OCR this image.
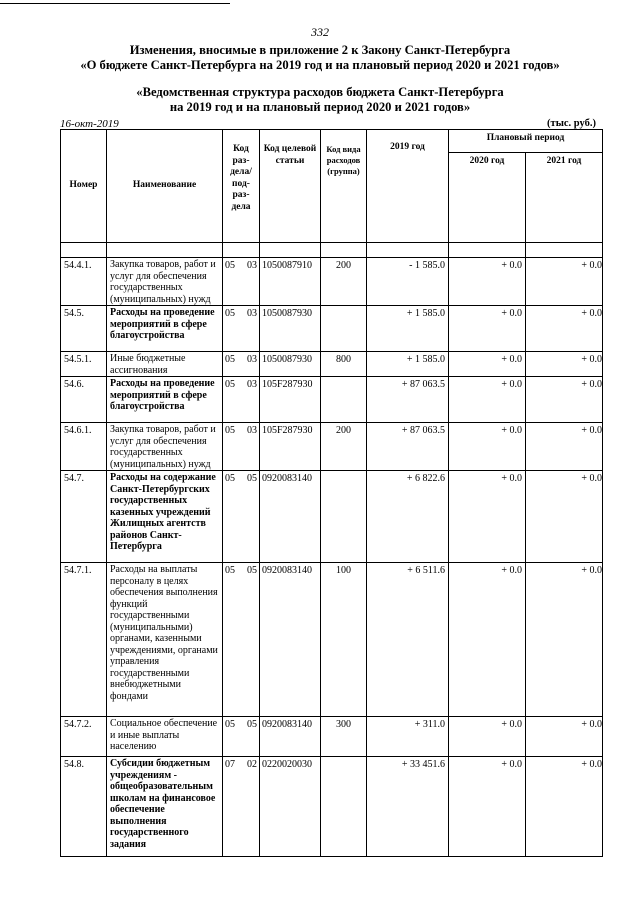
332
Изменения, вносимые в приложение 2 к Закону Санкт-Петербурга
«О бюджете Санкт-Петербурга на 2019 год и на плановый период 2020 и 2021 годов»
«Ведомственная структура расходов бюджета Санкт-Петербурга
на 2019 год и на плановый период 2020 и 2021 годов»
16-окт-2019	(тыс. руб.)
Номер	Наименование	Код раз- дела/ под- раз- дела		Код целевой статьи	Код вида расходов (группа)	2019 год	Плановый период	
							2020 год	2021 год

54.4.1.	Закупка товаров, работ и услуг для обеспечения государственных (муниципальных) нужд	05	03	1050087910	200	- 1 585.0	+ 0.0	+ 0.0
54.5.	Расходы на проведение мероприятий в сфере благоустройства	05	03	1050087930		+ 1 585.0	+ 0.0	+ 0.0
54.5.1.	Иные бюджетные ассигнования	05	03	1050087930	800	+ 1 585.0	+ 0.0	+ 0.0
54.6.	Расходы на проведение мероприятий в сфере благоустройства	05	03	105F287930		+ 87 063.5	+ 0.0	+ 0.0
54.6.1.	Закупка товаров, работ и услуг для обеспечения государственных (муниципальных) нужд	05	03	105F287930	200	+ 87 063.5	+ 0.0	+ 0.0
54.7.	Расходы на содержание Санкт-Петербургских государственных казенных учреждений Жилищных агентств районов Санкт-Петербурга	05	05	0920083140		+ 6 822.6	+ 0.0	+ 0.0
54.7.1.	Расходы на выплаты персоналу в целях обеспечения выполнения функций государственными (муниципальными) органами, казенными учреждениями, органами управления государственными внебюджетными фондами	05	05	0920083140	100	+ 6 511.6	+ 0.0	+ 0.0
54.7.2.	Социальное обеспечение и иные выплаты населению	05	05	0920083140	300	+ 311.0	+ 0.0	+ 0.0
54.8.	Субсидии бюджетным учреждениям - общеобразовательным школам на финансовое обеспечение выполнения государственного задания	07	02	0220020030		+ 33 451.6	+ 0.0	+ 0.0
